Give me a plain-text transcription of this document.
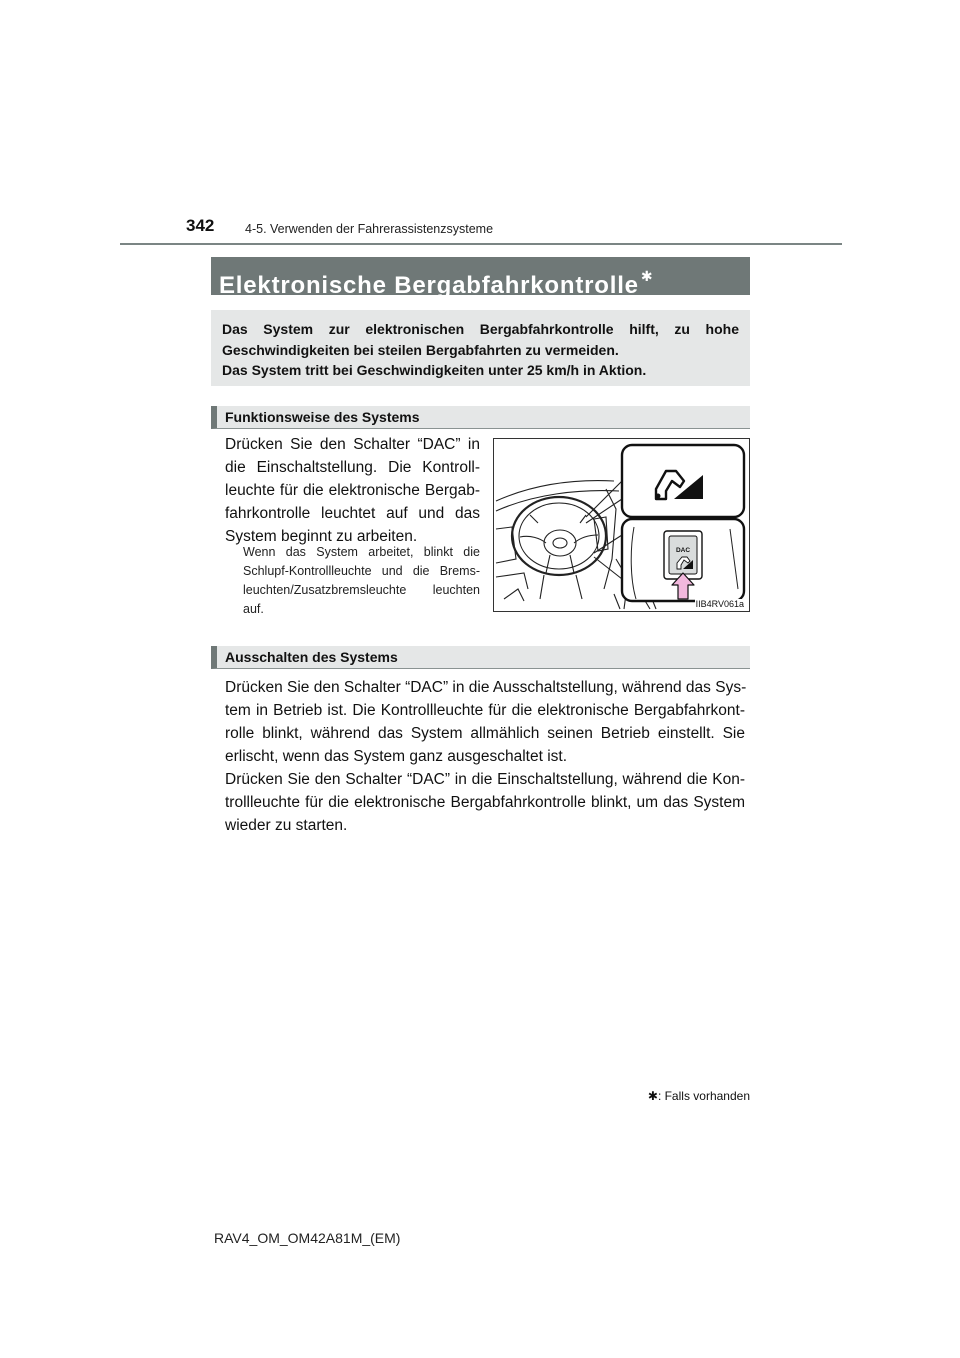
342 4-5. Verwenden der Fahrerassistenzsysteme
Elektronische Bergabfahrkontrolle ✱
Das System zur elektronischen Bergabfahrkontrolle hilft, zu hohe
Geschwindigkeiten bei steilen Bergabfahrten zu vermeiden.
Das System tritt bei Geschwindigkeiten unter 25 km/h in Aktion.
Funktionsweise des Systems
Drücken Sie den Schalter “DAC” in
die Einschaltstellung. Die Kontroll-
leuchte für die elektronische Bergab-
fahrkontrolle leuchtet auf und das
System beginnt zu arbeiten.
Wenn das System arbeitet, blinkt die
Schlupf-Kontrollleuchte und die Brems-
leuchten/Zusatzbremsleuchte leuchten
auf.
DAC
IIB4RV061a
Ausschalten des Systems
Drücken Sie den Schalter “DAC” in die Ausschaltstellung, während das Sys-
tem in Betrieb ist. Die Kontrollleuchte für die elektronische Bergabfahrkont-
rolle blinkt, während das System allmählich seinen Betrieb einstellt. Sie
erlischt, wenn das System ganz ausgeschaltet ist.
Drücken Sie den Schalter “DAC” in die Einschaltstellung, während die Kon-
trollleuchte für die elektronische Bergabfahrkontrolle blinkt, um das System
wieder zu starten.
✱: Falls vorhanden
RAV4_OM_OM42A81M_(EM)
